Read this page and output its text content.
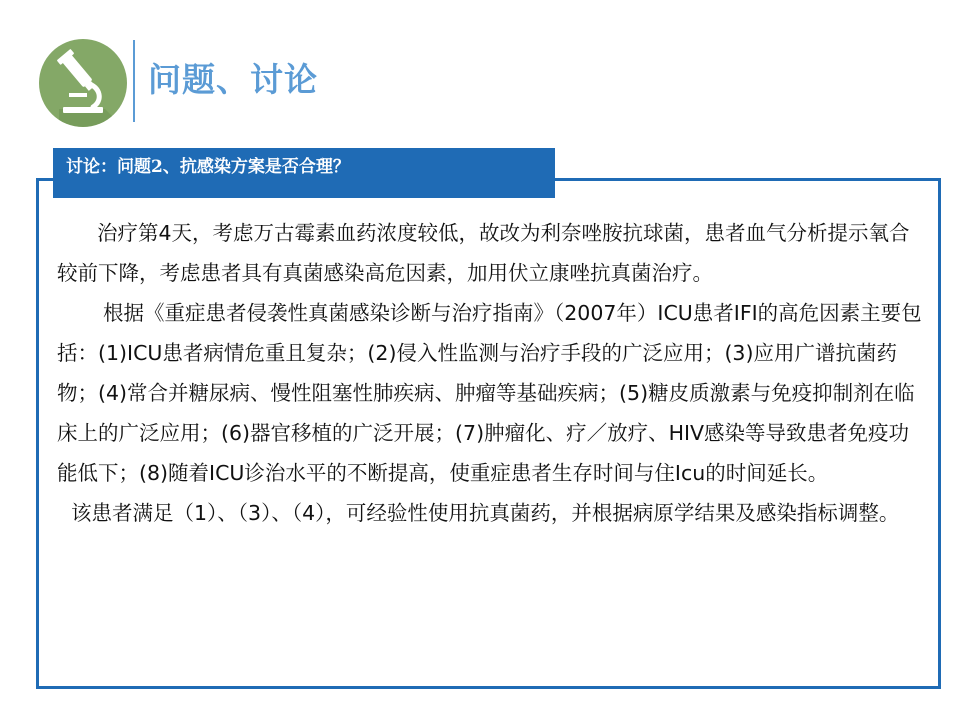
问题、讨论
讨论：问题2、抗感染方案是否合理？

治疗第4天，考虑万古霉素血药浓度较低，故改为利奈唑胺抗球菌，患者血气分析提示氧合较前下降，考虑患者具有真菌感染高危因素，加用伏立康唑抗真菌治疗。

根据《重症患者侵袭性真菌感染诊断与治疗指南》（2007年）ICU患者IFI的高危因素主要包括：(1)ICU患者病情危重且复杂；(2)侵入性监测与治疗手段的广泛应用；(3)应用广谱抗菌药物；(4)常合并糖尿病、慢性阻塞性肺疾病、肿瘤等基础疾病；(5)糖皮质激素与免疫抑制剂在临床上的广泛应用；(6)器官移植的广泛开展；(7)肿瘤化、疗／放疗、HIV感染等导致患者免疫功能低下；(8)随着ICU诊治水平的不断提高，使重症患者生存时间与住Icu的时间延长。

该患者满足（1）、（3）、（4），可经验性使用抗真菌药，并根据病原学结果及感染指标调整。
